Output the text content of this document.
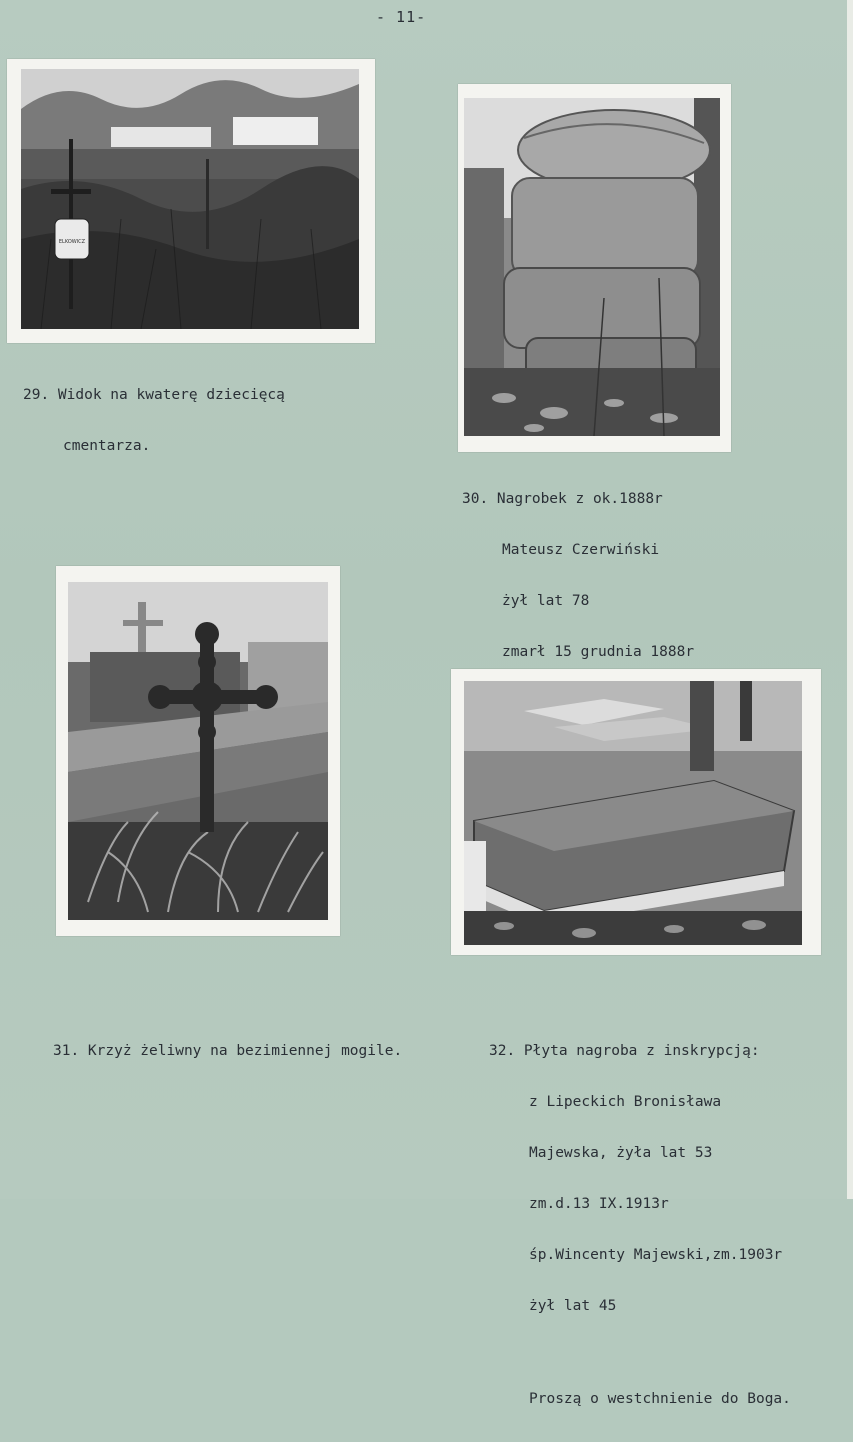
- 11-
ELKOWICZ

29. Widok na kwaterę dziecięcą

cmentarza.

30. Nagrobek z ok.1888r

Mateusz Czerwiński

żył lat 78

zmarł 15 grudnia 1888r

31. Krzyż żeliwny na bezimiennej mogile.

	32. Płyta nagroba z inskrypcją:

z Lipeckich Bronisława

Majewska, żyła lat 53

zm.d.13 IX.1913r

śp.Wincenty Majewski,zm.1903r

żył lat 45

Proszą o westchnienie do Boga.
